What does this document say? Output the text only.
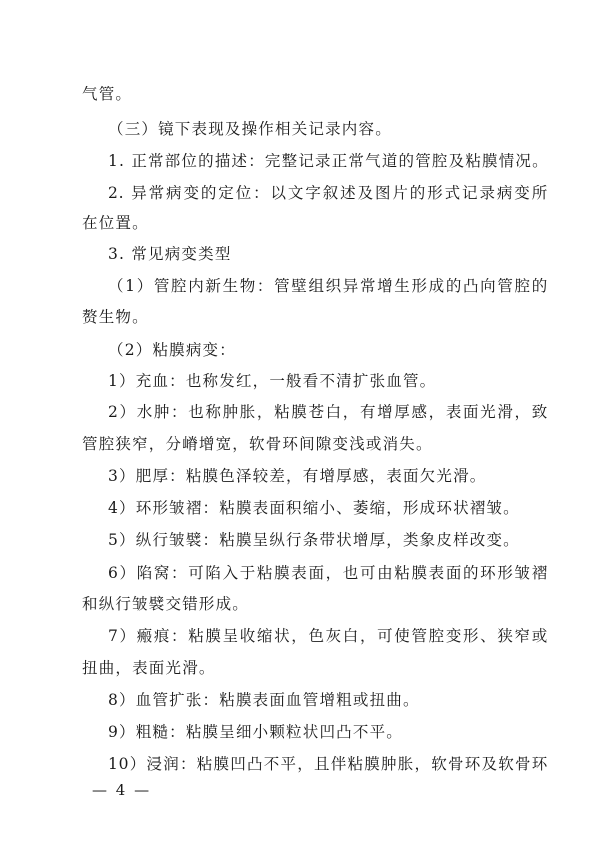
气管。
（三）镜下表现及操作相关记录内容。
1. 正常部位的描述：完整记录正常气道的管腔及粘膜情况。
2. 异常病变的定位：以文字叙述及图片的形式记录病变所
在位置。
3. 常见病变类型
（1）管腔内新生物：管壁组织异常增生形成的凸向管腔的
赘生物。
（2）粘膜病变：
1）充血：也称发红，一般看不清扩张血管。
2）水肿：也称肿胀，粘膜苍白，有增厚感，表面光滑，致
管腔狭窄，分嵴增宽，软骨环间隙变浅或消失。
3）肥厚：粘膜色泽较差，有增厚感，表面欠光滑。
4）环形皱褶：粘膜表面积缩小、萎缩，形成环状褶皱。
5）纵行皱襞：粘膜呈纵行条带状增厚，类象皮样改变。
6）陷窝：可陷入于粘膜表面，也可由粘膜表面的环形皱褶
和纵行皱襞交错形成。
7）瘢痕：粘膜呈收缩状，色灰白，可使管腔变形、狭窄或
扭曲，表面光滑。
8）血管扩张：粘膜表面血管增粗或扭曲。
9）粗糙：粘膜呈细小颗粒状凹凸不平。
10）浸润：粘膜凹凸不平，且伴粘膜肿胀，软骨环及软骨环
— 4 —
